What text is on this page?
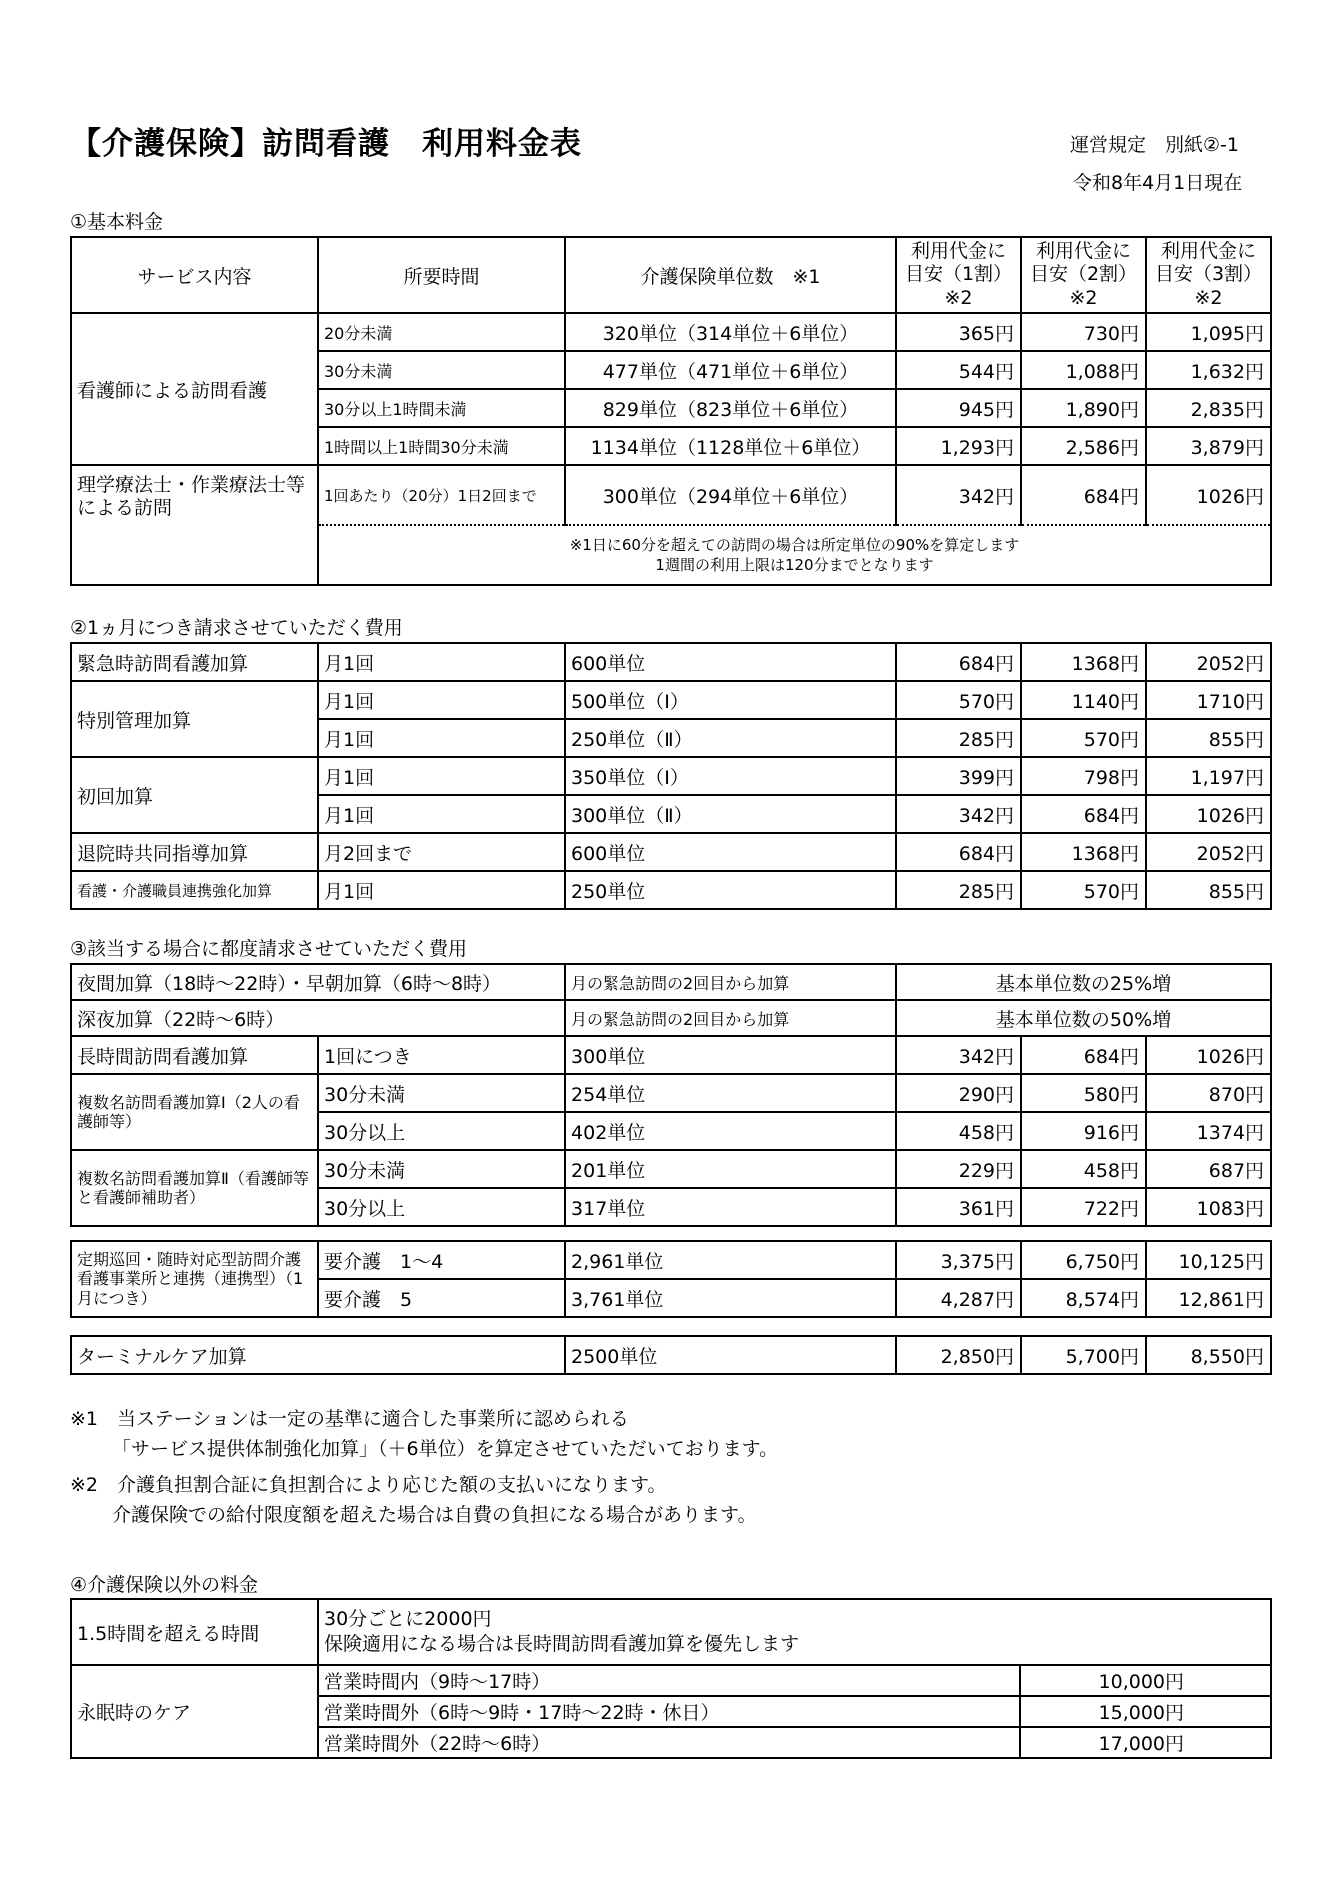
【介護保険】訪問看護　利用料金表	運営規定　別紙②-1
令和8年4月1日現在
①基本料金
サービス内容	所要時間	介護保険単位数　※1	利用代金に目安（1割）※2	利用代金に目安（2割）※2	利用代金に目安（3割）※2
看護師による訪問看護	20分未満	320単位（314単位＋6単位）	365円	730円	1,095円
	30分未満	477単位（471単位＋6単位）	544円	1,088円	1,632円
	30分以上1時間未満	829単位（823単位＋6単位）	945円	1,890円	2,835円
	1時間以上1時間30分未満	1134単位（1128単位＋6単位）	1,293円	2,586円	3,879円
理学療法士・作業療法士等による訪問	1回あたり（20分）1日2回まで	300単位（294単位＋6単位）	342円	684円	1026円

	※1日に60分を超えての訪問の場合は所定単位の90%を算定します
1週間の利用上限は120分までとなります				
②1ヵ月につき請求させていただく費用
緊急時訪問看護加算	月1回	600単位	684円	1368円	2052円
特別管理加算	月1回	500単位（Ⅰ）	570円	1140円	1710円
	月1回	250単位（Ⅱ）	285円	570円	855円
初回加算	月1回	350単位（Ⅰ）	399円	798円	1,197円
	月1回	300単位（Ⅱ）	342円	684円	1026円
退院時共同指導加算	月2回まで	600単位	684円	1368円	2052円
看護・介護職員連携強化加算	月1回	250単位	285円	570円	855円
③該当する場合に都度請求させていただく費用
夜間加算（18時～22時）・早朝加算（6時～8時）		月の緊急訪問の2回目から加算	基本単位数の25%増		
深夜加算（22時～6時）		月の緊急訪問の2回目から加算	基本単位数の50%増		
長時間訪問看護加算	1回につき	300単位	342円	684円	1026円
複数名訪問看護加算Ⅰ（2人の看護師等）	30分未満	254単位	290円	580円	870円
	30分以上	402単位	458円	916円	1374円
複数名訪問看護加算Ⅱ（看護師等と看護師補助者）	30分未満	201単位	229円	458円	687円
	30分以上	317単位	361円	722円	1083円
定期巡回・随時対応型訪問介護看護事業所と連携（連携型）（1月につき）	要介護　1～4	2,961単位	3,375円	6,750円	10,125円
	要介護　5	3,761単位	4,287円	8,574円	12,861円
ターミナルケア加算	2500単位	2,850円	5,700円	8,550円
※1　当ステーションは一定の基準に適合した事業所に認められる
「サービス提供体制強化加算」（＋6単位）を算定させていただいております。
※2　介護負担割合証に負担割合により応じた額の支払いになります。
介護保険での給付限度額を超えた場合は自費の負担になる場合があります。
④介護保険以外の料金
1.5時間を超える時間	30分ごとに2000円
保険適用になる場合は長時間訪問看護加算を優先します	

永眠時のケア	営業時間内（9時～17時）	10,000円
	営業時間外（6時～9時・17時～22時・休日）	15,000円
	営業時間外（22時～6時）	17,000円
